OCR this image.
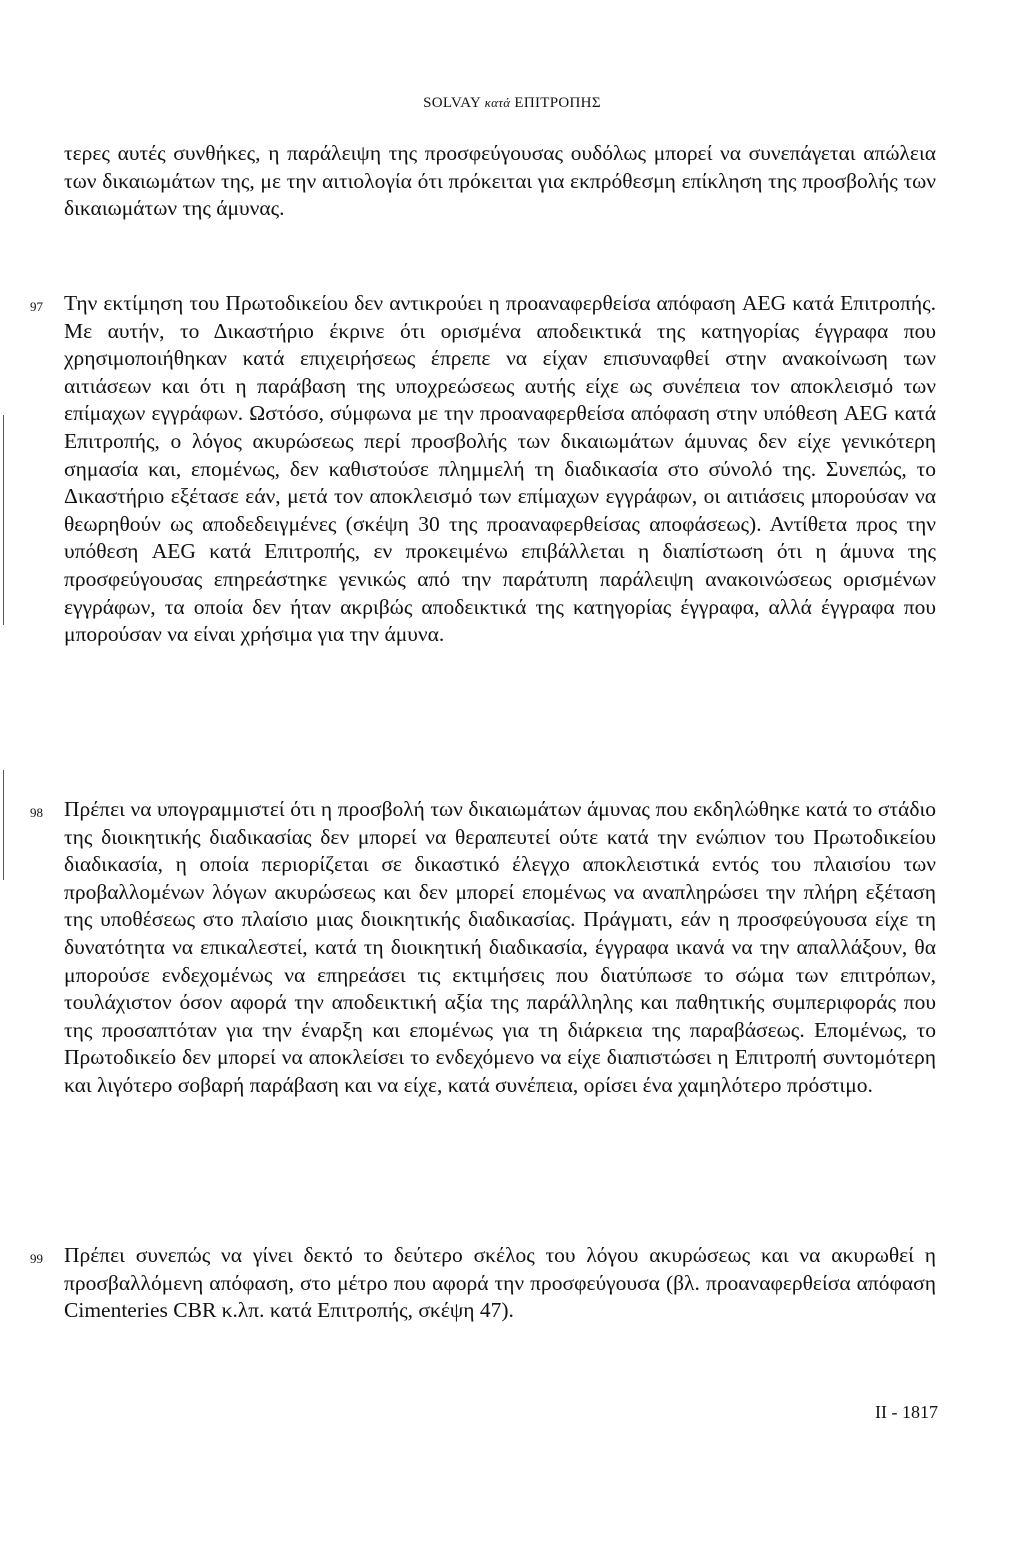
SOLVAY κατά ΕΠΙΤΡΟΠΗΣ
τερες αυτές συνθήκες, η παράλειψη της προσφεύγουσας ουδόλως μπορεί να συνεπάγεται απώλεια των δικαιωμάτων της, με την αιτιολογία ότι πρόκειται για εκπρόθεσμη επίκληση της προσβολής των δικαιωμάτων της άμυνας.
97 Την εκτίμηση του Πρωτοδικείου δεν αντικρούει η προαναφερθείσα απόφαση AEG κατά Επιτροπής. Με αυτήν, το Δικαστήριο έκρινε ότι ορισμένα αποδεικτικά της κατηγορίας έγγραφα που χρησιμοποιήθηκαν κατά επιχειρήσεως έπρεπε να είχαν επισυναφθεί στην ανακοίνωση των αιτιάσεων και ότι η παράβαση της υποχρεώσεως αυτής είχε ως συνέπεια τον αποκλεισμό των επίμαχων εγγράφων. Ωστόσο, σύμφωνα με την προαναφερθείσα απόφαση στην υπόθεση AEG κατά Επιτροπής, ο λόγος ακυρώσεως περί προσβολής των δικαιωμάτων άμυνας δεν είχε γενικότερη σημασία και, επομένως, δεν καθιστούσε πλημμελή τη διαδικασία στο σύνολό της. Συνεπώς, το Δικαστήριο εξέτασε εάν, μετά τον αποκλεισμό των επίμαχων εγγράφων, οι αιτιάσεις μπορούσαν να θεωρηθούν ως αποδεδειγμένες (σκέψη 30 της προαναφερθείσας αποφάσεως). Αντίθετα προς την υπόθεση AEG κατά Επιτροπής, εν προκειμένω επιβάλλεται η διαπίστωση ότι η άμυνα της προσφεύγουσας επηρεάστηκε γενικώς από την παράτυπη παράλειψη ανακοινώσεως ορισμένων εγγράφων, τα οποία δεν ήταν ακριβώς αποδεικτικά της κατηγορίας έγγραφα, αλλά έγγραφα που μπορούσαν να είναι χρήσιμα για την άμυνα.
98 Πρέπει να υπογραμμιστεί ότι η προσβολή των δικαιωμάτων άμυνας που εκδηλώθηκε κατά το στάδιο της διοικητικής διαδικασίας δεν μπορεί να θεραπευτεί ούτε κατά την ενώπιον του Πρωτοδικείου διαδικασία, η οποία περιορίζεται σε δικαστικό έλεγχο αποκλειστικά εντός του πλαισίου των προβαλλομένων λόγων ακυρώσεως και δεν μπορεί επομένως να αναπληρώσει την πλήρη εξέταση της υποθέσεως στο πλαίσιο μιας διοικητικής διαδικασίας. Πράγματι, εάν η προσφεύγουσα είχε τη δυνατότητα να επικαλεστεί, κατά τη διοικητική διαδικασία, έγγραφα ικανά να την απαλλάξουν, θα μπορούσε ενδεχομένως να επηρεάσει τις εκτιμήσεις που διατύπωσε το σώμα των επιτρόπων, τουλάχιστον όσον αφορά την αποδεικτική αξία της παράλληλης και παθητικής συμπεριφοράς που της προσαπτόταν για την έναρξη και επομένως για τη διάρκεια της παραβάσεως. Επομένως, το Πρωτοδικείο δεν μπορεί να αποκλείσει το ενδεχόμενο να είχε διαπιστώσει η Επιτροπή συντομότερη και λιγότερο σοβαρή παράβαση και να είχε, κατά συνέπεια, ορίσει ένα χαμηλότερο πρόστιμο.
99 Πρέπει συνεπώς να γίνει δεκτό το δεύτερο σκέλος του λόγου ακυρώσεως και να ακυρωθεί η προσβαλλόμενη απόφαση, στο μέτρο που αφορά την προσφεύγουσα (βλ. προαναφερθείσα απόφαση Cimenteries CBR κ.λπ. κατά Επιτροπής, σκέψη 47).
II - 1817
